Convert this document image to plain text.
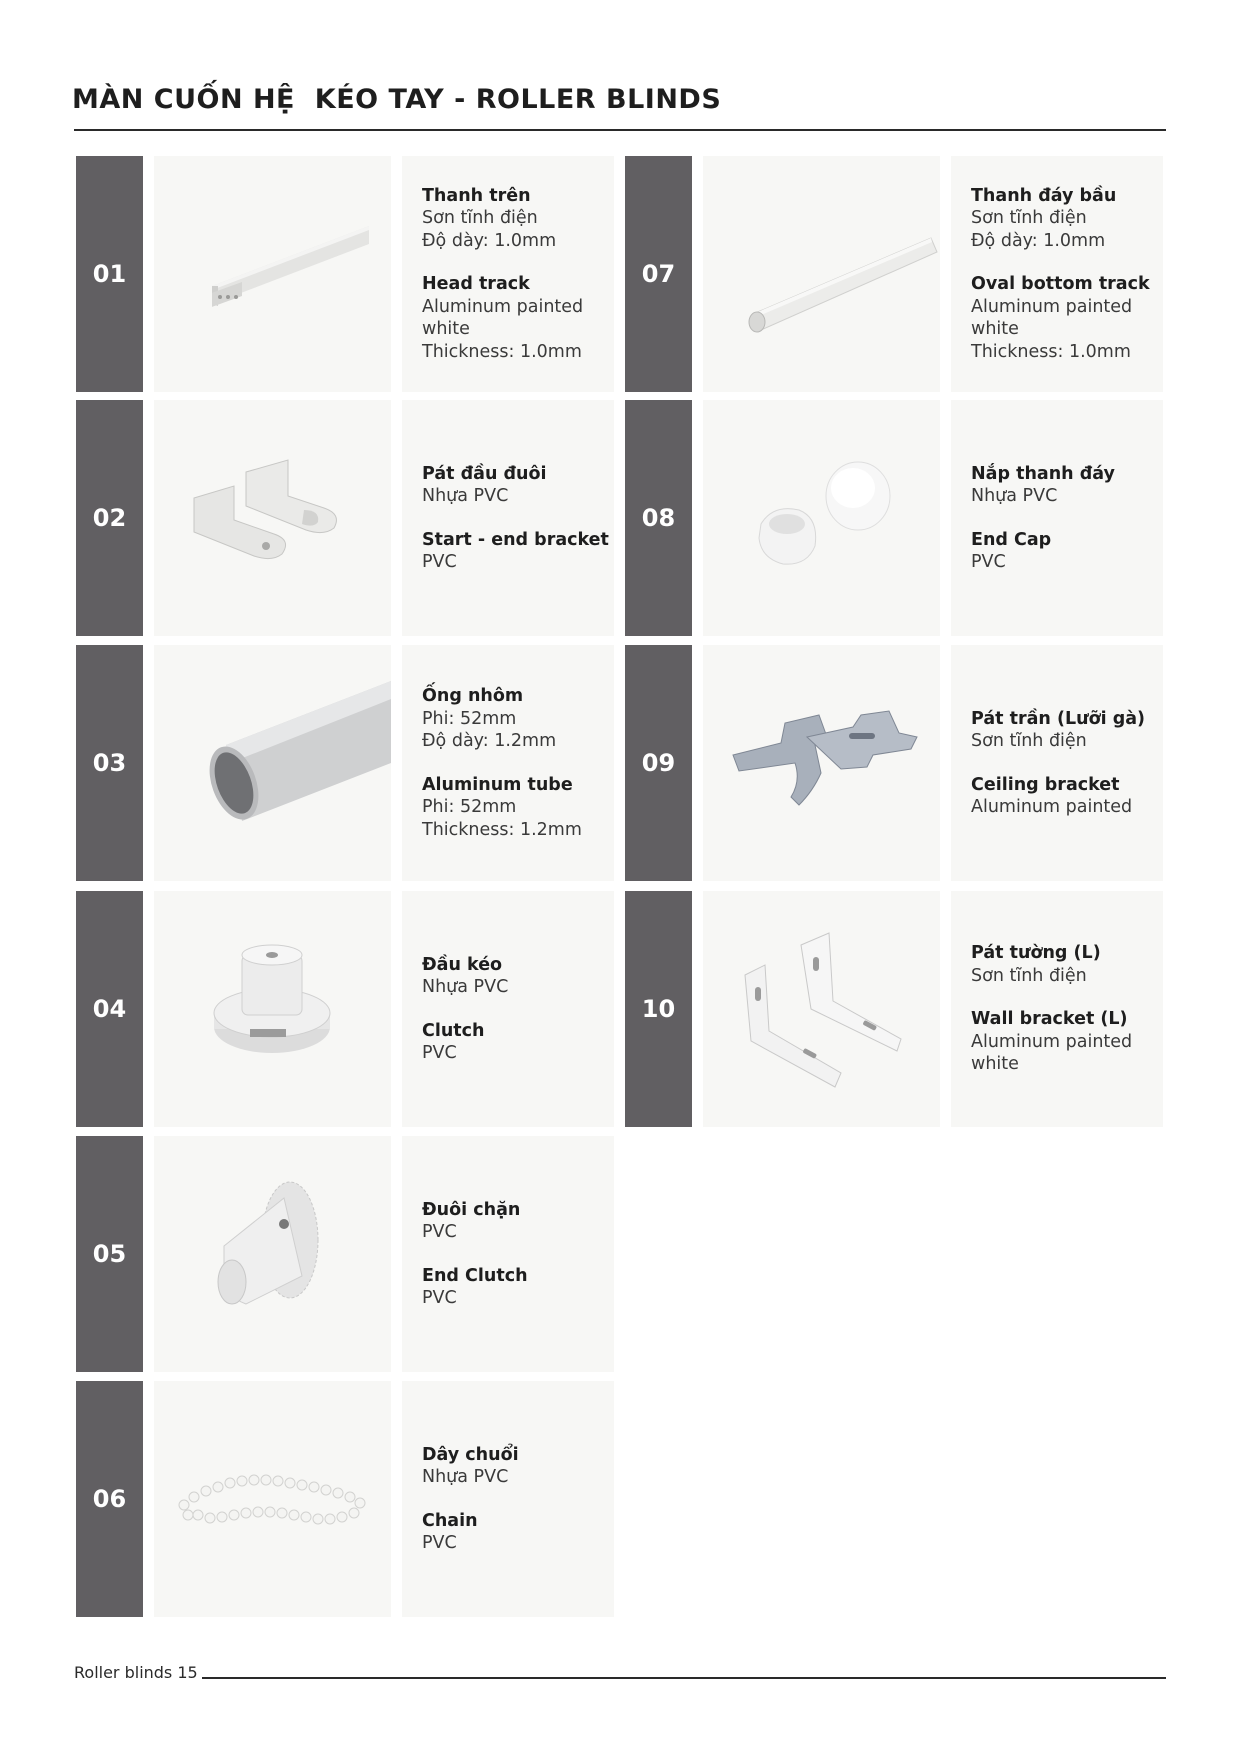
MÀN CUỐN HỆ  KÉO TAY - ROLLER BLINDS
01
Thanh trên
Sơn tĩnh điện
Độ dày: 1.0mm
Head track
Aluminum painted
white
Thickness: 1.0mm
02
Pát đầu đuôi
Nhựa PVC
Start - end bracket
PVC
03
Ống nhôm
Phi: 52mm
Độ dày: 1.2mm
Aluminum tube
Phi: 52mm
Thickness: 1.2mm
04
Đầu kéo
Nhựa PVC
Clutch
PVC
05
Đuôi chặn
PVC
End Clutch
PVC
06
Dây chuổi
Nhựa PVC
Chain
PVC
07
Thanh đáy bầu
Sơn tĩnh điện
Độ dày: 1.0mm
Oval bottom track
Aluminum painted
white
Thickness: 1.0mm
08
Nắp thanh đáy
Nhựa PVC
End Cap
PVC
09
Pát trần (Lưỡi gà)
Sơn tĩnh điện
Ceiling bracket
Aluminum painted
10
Pát tường (L)
Sơn tĩnh điện
Wall bracket (L)
Aluminum painted
white
Roller blinds 15
